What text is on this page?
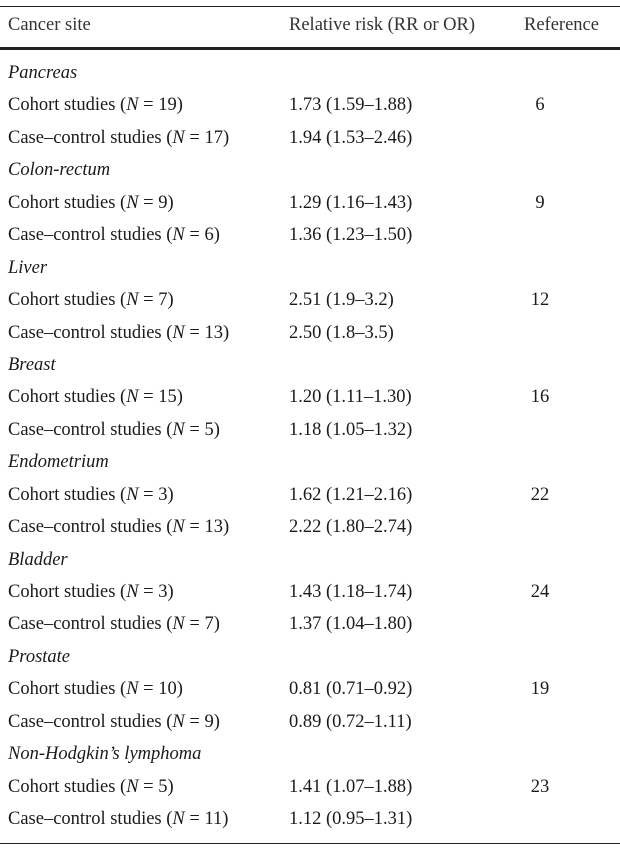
Cancer site	Relative risk (RR or OR)	Reference
Pancreas
Cohort studies (N = 19)	1.73 (1.59–1.88)	6
Case–control studies (N = 17)	1.94 (1.53–2.46)
Colon-rectum
Cohort studies (N = 9)	1.29 (1.16–1.43)	9
Case–control studies (N = 6)	1.36 (1.23–1.50)
Liver
Cohort studies (N = 7)	2.51 (1.9–3.2)	12
Case–control studies (N = 13)	2.50 (1.8–3.5)
Breast
Cohort studies (N = 15)	1.20 (1.11–1.30)	16
Case–control studies (N = 5)	1.18 (1.05–1.32)
Endometrium
Cohort studies (N = 3)	1.62 (1.21–2.16)	22
Case–control studies (N = 13)	2.22 (1.80–2.74)
Bladder
Cohort studies (N = 3)	1.43 (1.18–1.74)	24
Case–control studies (N = 7)	1.37 (1.04–1.80)
Prostate
Cohort studies (N = 10)	0.81 (0.71–0.92)	19
Case–control studies (N = 9)	0.89 (0.72–1.11)
Non-Hodgkin’s lymphoma
Cohort studies (N = 5)	1.41 (1.07–1.88)	23
Case–control studies (N = 11)	1.12 (0.95–1.31)
